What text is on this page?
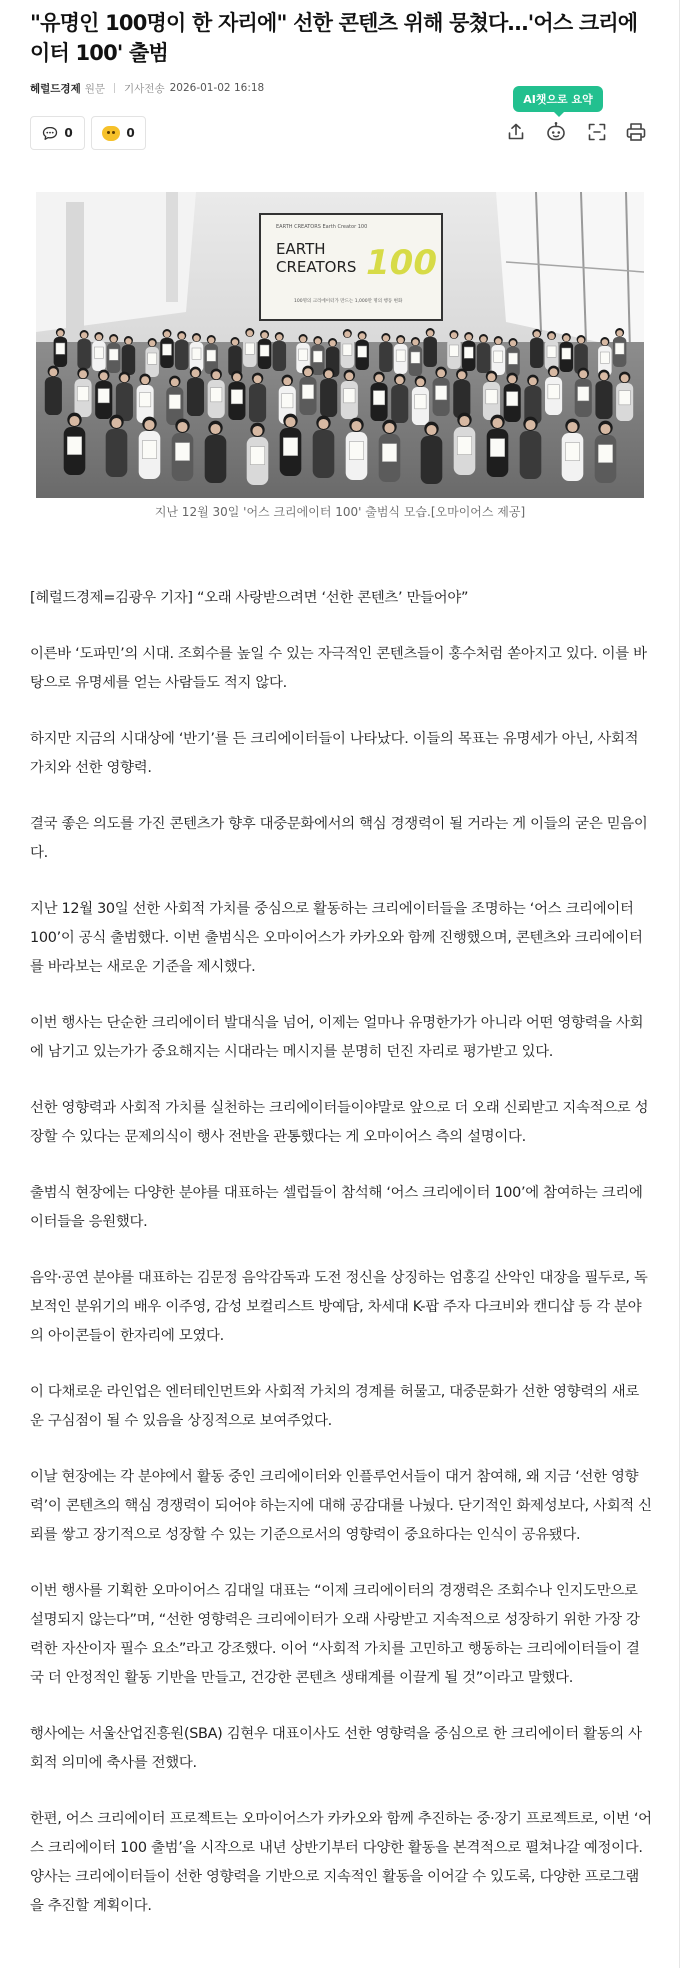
"유명인 100명이 한 자리에" 선한 콘텐츠 위해 뭉쳤다…'어스 크리에이터 100' 출범
헤럴드경제 원문 기사전송 2026-01-02 16:18
0	0
AI챗으로 요약
EARTH CREATORS Earth Creator 100
EARTH
CREATORS 100
100명의 크리에이터가 만드는 1,000만 명의 행동 변화
지난 12월 30일 '어스 크리에이터 100' 출범식 모습.[오마이어스 제공]

[헤럴드경제=김광우 기자] “오래 사랑받으려면 ‘선한 콘텐츠’ 만들어야”

이른바 ‘도파민’의 시대. 조회수를 높일 수 있는 자극적인 콘텐츠들이 홍수처럼 쏟아지고 있다. 이를 바탕으로 유명세를 얻는 사람들도 적지 않다.

하지만 지금의 시대상에 ‘반기’를 든 크리에이터들이 나타났다. 이들의 목표는 유명세가 아닌, 사회적 가치와 선한 영향력.

결국 좋은 의도를 가진 콘텐츠가 향후 대중문화에서의 핵심 경쟁력이 될 거라는 게 이들의 굳은 믿음이다.

지난 12월 30일 선한 사회적 가치를 중심으로 활동하는 크리에이터들을 조명하는 ‘어스 크리에이터 100’이 공식 출범했다. 이번 출범식은 오마이어스가 카카오와 함께 진행했으며, 콘텐츠와 크리에이터를 바라보는 새로운 기준을 제시했다.

이번 행사는 단순한 크리에이터 발대식을 넘어, 이제는 얼마나 유명한가가 아니라 어떤 영향력을 사회에 남기고 있는가가 중요해지는 시대라는 메시지를 분명히 던진 자리로 평가받고 있다.

선한 영향력과 사회적 가치를 실천하는 크리에이터들이야말로 앞으로 더 오래 신뢰받고 지속적으로 성장할 수 있다는 문제의식이 행사 전반을 관통했다는 게 오마이어스 측의 설명이다.

출범식 현장에는 다양한 분야를 대표하는 셀럽들이 참석해 ‘어스 크리에이터 100’에 참여하는 크리에이터들을 응원했다.

음악·공연 분야를 대표하는 김문정 음악감독과 도전 정신을 상징하는 엄홍길 산악인 대장을 필두로, 독보적인 분위기의 배우 이주영, 감성 보컬리스트 방예담, 차세대 K-팝 주자 다크비와 캔디샵 등 각 분야의 아이콘들이 한자리에 모였다.

이 다채로운 라인업은 엔터테인먼트와 사회적 가치의 경계를 허물고, 대중문화가 선한 영향력의 새로운 구심점이 될 수 있음을 상징적으로 보여주었다.

이날 현장에는 각 분야에서 활동 중인 크리에이터와 인플루언서들이 대거 참여해, 왜 지금 ‘선한 영향력’이 콘텐츠의 핵심 경쟁력이 되어야 하는지에 대해 공감대를 나눴다. 단기적인 화제성보다, 사회적 신뢰를 쌓고 장기적으로 성장할 수 있는 기준으로서의 영향력이 중요하다는 인식이 공유됐다.

이번 행사를 기획한 오마이어스 김대일 대표는 “이제 크리에이터의 경쟁력은 조회수나 인지도만으로 설명되지 않는다”며, “선한 영향력은 크리에이터가 오래 사랑받고 지속적으로 성장하기 위한 가장 강력한 자산이자 필수 요소”라고 강조했다. 이어 “사회적 가치를 고민하고 행동하는 크리에이터들이 결국 더 안정적인 활동 기반을 만들고, 건강한 콘텐츠 생태계를 이끌게 될 것”이라고 말했다.

행사에는 서울산업진흥원(SBA) 김현우 대표이사도 선한 영향력을 중심으로 한 크리에이터 활동의 사회적 의미에 축사를 전했다.

한편, 어스 크리에이터 프로젝트는 오마이어스가 카카오와 함께 추진하는 중·장기 프로젝트로, 이번 ‘어스 크리에이터 100 출범’을 시작으로 내년 상반기부터 다양한 활동을 본격적으로 펼쳐나갈 예정이다. 양사는 크리에이터들이 선한 영향력을 기반으로 지속적인 활동을 이어갈 수 있도록, 다양한 프로그램을 추진할 계획이다.
